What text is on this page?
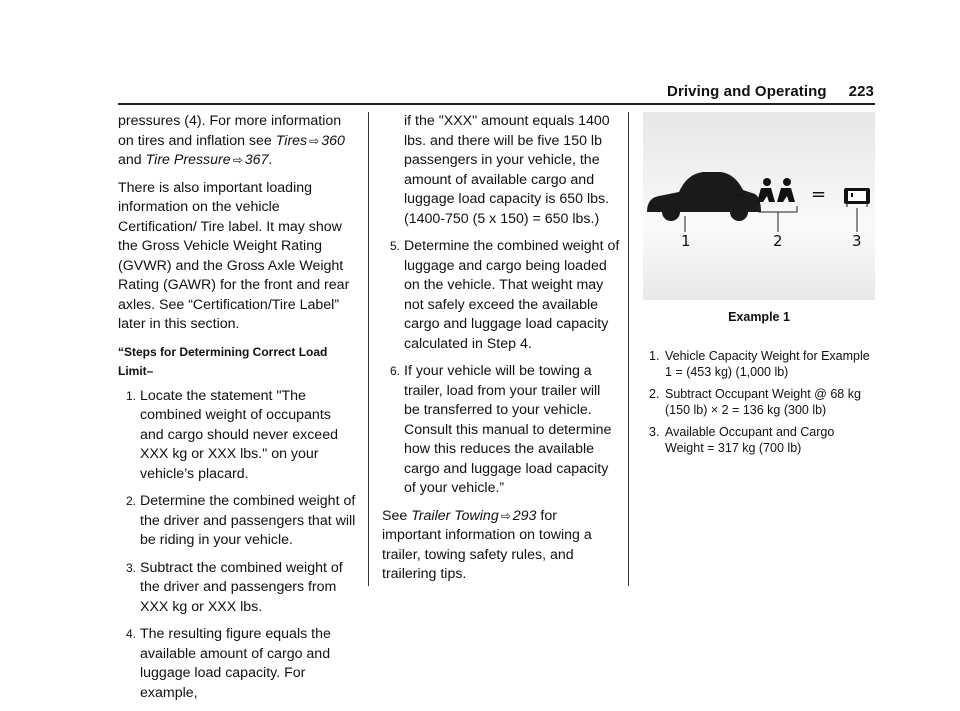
Driving and Operating 223

pressures (4). For more information on tires and inflation see Tires ⇨ 360 and Tire Pressure ⇨ 367.

There is also important loading information on the vehicle Certification/ Tire label. It may show the Gross Vehicle Weight Rating (GVWR) and the Gross Axle Weight Rating (GAWR) for the front and rear axles. See “Certification/Tire Label” later in this section.

“Steps for Determining Correct Load Limit–
1. Locate the statement "The combined weight of occupants and cargo should never exceed XXX kg or XXX lbs." on your vehicle’s placard.
2. Determine the combined weight of the driver and passengers that will be riding in your vehicle.
3. Subtract the combined weight of the driver and passengers from XXX kg or XXX lbs.
4. The resulting figure equals the available amount of cargo and luggage load capacity. For example,
if the "XXX" amount equals 1400 lbs. and there will be five 150 lb passengers in your vehicle, the amount of available cargo and luggage load capacity is 650 lbs. (1400-750 (5 x 150) = 650 lbs.)
5. Determine the combined weight of luggage and cargo being loaded on the vehicle. That weight may not safely exceed the available cargo and luggage load capacity calculated in Step 4.
6. If your vehicle will be towing a trailer, load from your trailer will be transferred to your vehicle. Consult this manual to determine how this reduces the available cargo and luggage load capacity of your vehicle.”

See Trailer Towing ⇨ 293 for important information on towing a trailer, towing safety rules, and trailering tips.

–	=
1	2	3
Example 1
1. Vehicle Capacity Weight for Example 1 = (453 kg) (1,000 lb)
2. Subtract Occupant Weight @ 68 kg (150 lb) × 2 = 136 kg (300 lb)
3. Available Occupant and Cargo Weight = 317 kg (700 lb)
